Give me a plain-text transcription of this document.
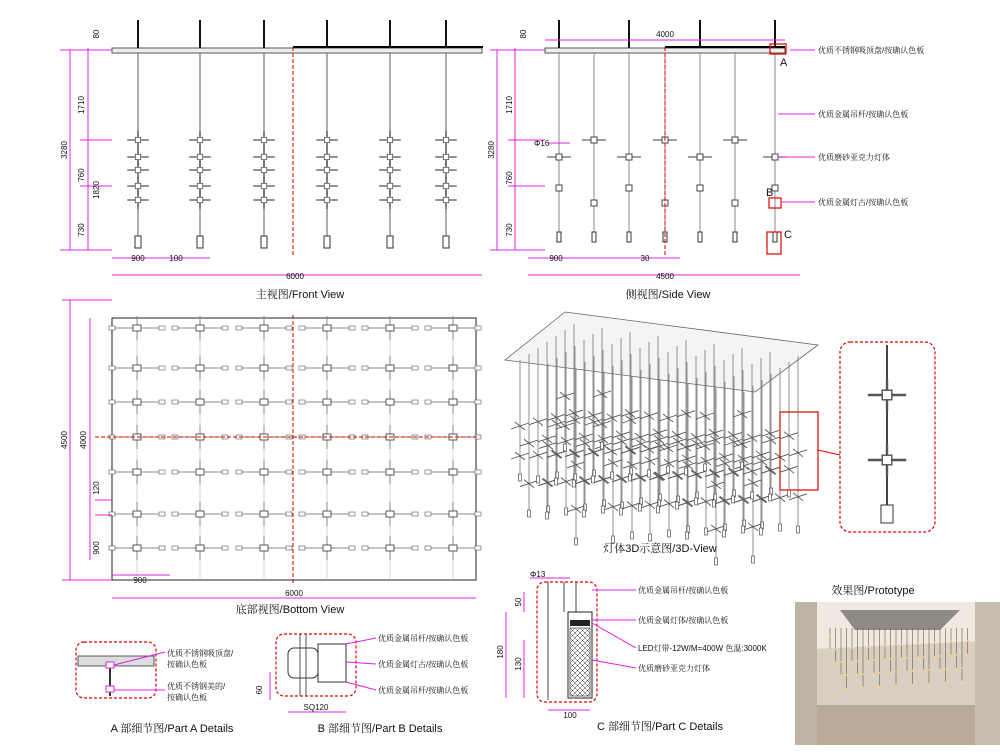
80
1710
3280
760
1820
730
900	100
6000
主视图/Front View
A
B
C
80
1710
3280
760
730
Φ16
900	30
4000
4500
优质不锈钢吸顶盘/按确认色板
优质金属吊杆/按确认色板
优质磨砂亚克力灯体
优质金属灯古/按确认色板
侧视图/Side View
4500 4000
120
900
900
6000
底部视图/Bottom View
灯体3D示意图/3D-View
效果图/Prototype
优质不锈钢吸顶盘/
按确认色板
优质不锈钢美的/
按确认色板
A 部细节图/Part A Details
优质金属吊杆/按确认色板
优质金属灯古/按确认色板
优质金属吊杆/按确认色板
60
SQ120
B 部细节图/Part B Details
Φ13
50
180
130
100
优质金属吊杆/按确认色板
优质金属灯体/按确认色板
LED灯带-12W/M=400W 色温:3000K
优质磨砂亚克力灯体
C 部细节图/Part C Details
